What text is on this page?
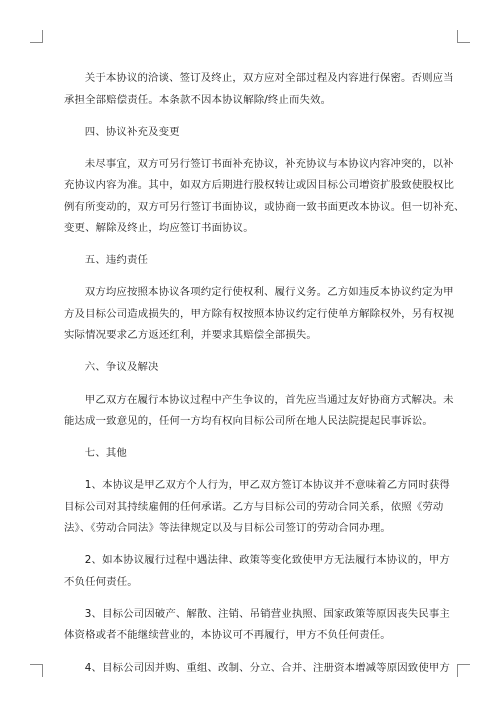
关于本协议的洽谈、签订及终止，双方应对全部过程及内容进行保密。否则应当
承担全部赔偿责任。本条款不因本协议解除/终止而失效。
四、协议补充及变更
未尽事宜，双方可另行签订书面补充协议，补充协议与本协议内容冲突的，以补
充协议内容为准。其中，如双方后期进行股权转让或因目标公司增资扩股致使股权比
例有所变动的，双方可另行签订书面协议，或协商一致书面更改本协议。但一切补充、
变更、解除及终止，均应签订书面协议。
五、违约责任
双方均应按照本协议各项约定行使权利、履行义务。乙方如违反本协议约定为甲
方及目标公司造成损失的，甲方除有权按照本协议约定行使单方解除权外，另有权视
实际情况要求乙方返还红利，并要求其赔偿全部损失。
六、争议及解决
甲乙双方在履行本协议过程中产生争议的，首先应当通过友好协商方式解决。未
能达成一致意见的，任何一方均有权向目标公司所在地人民法院提起民事诉讼。
七、其他
1、本协议是甲乙双方个人行为，甲乙双方签订本协议并不意味着乙方同时获得
目标公司对其持续雇佣的任何承诺。乙方与目标公司的劳动合同关系，依照《劳动
法》、《劳动合同法》等法律规定以及与目标公司签订的劳动合同办理。
2、如本协议履行过程中遇法律、政策等变化致使甲方无法履行本协议的，甲方
不负任何责任。
3、目标公司因破产、解散、注销、吊销营业执照、国家政策等原因丧失民事主
体资格或者不能继续营业的，本协议可不再履行，甲方不负任何责任。
4、目标公司因并购、重组、改制、分立、合并、注册资本增减等原因致使甲方
